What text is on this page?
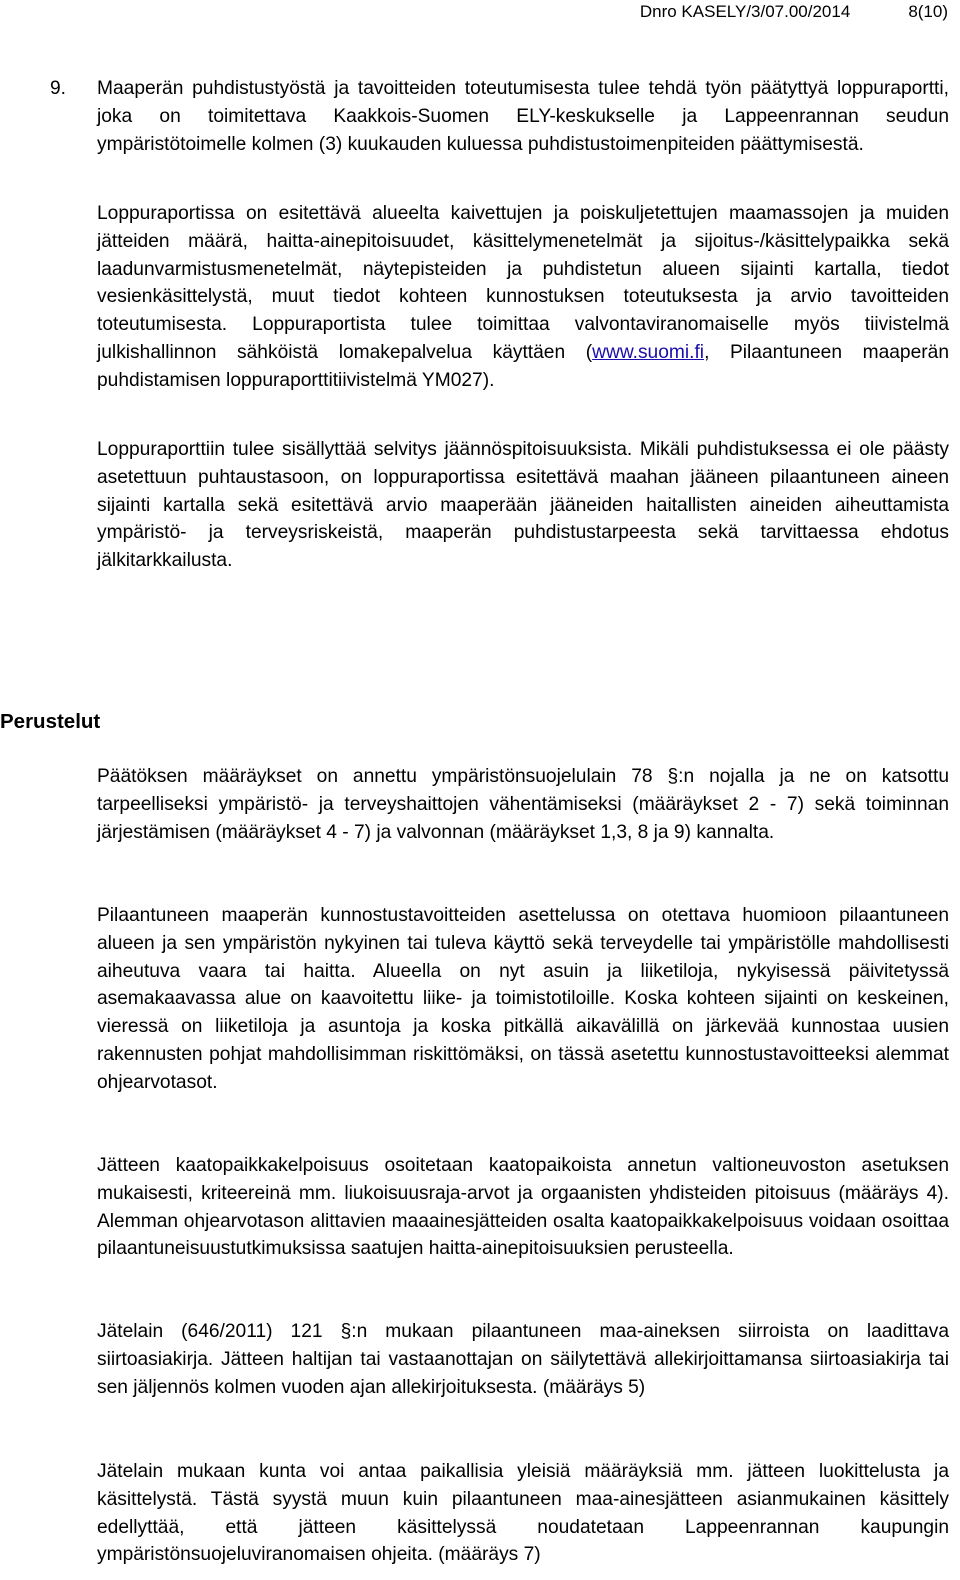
Dnro KASELY/3/07.00/2014	8(10)

9. Maaperän puhdistustyöstä ja tavoitteiden toteutumisesta tulee tehdä työn päätyttyä loppuraportti, joka on toimitettava Kaakkois-Suomen ELY-keskukselle ja Lappeenrannan seudun ympäristötoimelle kolmen (3) kuukauden kuluessa puhdistustoimenpiteiden päättymisestä.

Loppuraportissa on esitettävä alueelta kaivettujen ja poiskuljetettujen maamassojen ja muiden jätteiden määrä, haitta-ainepitoisuudet, käsittelymenetelmät ja sijoitus-/käsittelypaikka sekä laadunvarmistusmenetelmät, näytepisteiden ja puhdistetun alueen sijainti kartalla, tiedot vesienkäsittelystä, muut tiedot kohteen kunnostuksen toteutuksesta ja arvio tavoitteiden toteutumisesta. Loppuraportista tulee toimittaa valvontaviranomaiselle myös tiivistelmä julkishallinnon sähköistä lomakepalvelua käyttäen (www.suomi.fi, Pilaantuneen maaperän puhdistamisen loppuraporttitiivistelmä YM027).

Loppuraporttiin tulee sisällyttää selvitys jäännöspitoisuuksista. Mikäli puhdistuksessa ei ole päästy asetettuun puhtaustasoon, on loppuraportissa esitettävä maahan jääneen pilaantuneen aineen sijainti kartalla sekä esitettävä arvio maaperään jääneiden haitallisten aineiden aiheuttamista ympäristö- ja terveysriskeistä, maaperän puhdistustarpeesta sekä tarvittaessa ehdotus jälkitarkkailusta.

Perustelut

Päätöksen määräykset on annettu ympäristönsuojelulain 78 §:n nojalla ja ne on katsottu tarpeelliseksi ympäristö- ja terveyshaittojen vähentämiseksi (määräykset 2 - 7) sekä toiminnan järjestämisen (määräykset 4 - 7) ja valvonnan (määräykset 1,3, 8 ja 9) kannalta.

Pilaantuneen maaperän kunnostustavoitteiden asettelussa on otettava huomioon pilaantuneen alueen ja sen ympäristön nykyinen tai tuleva käyttö sekä terveydelle tai ympäristölle mahdollisesti aiheutuva vaara tai haitta. Alueella on nyt asuin ja liiketiloja, nykyisessä päivitetyssä asemakaavassa alue on kaavoitettu liike- ja toimistotiloille. Koska kohteen sijainti on keskeinen, vieressä on liiketiloja ja asuntoja ja koska pitkällä aikavälillä on järkevää kunnostaa uusien rakennusten pohjat mahdollisimman riskittömäksi, on tässä asetettu kunnostustavoitteeksi alemmat ohjearvotasot.

Jätteen kaatopaikkakelpoisuus osoitetaan kaatopaikoista annetun valtioneuvoston asetuksen mukaisesti, kriteereinä mm. liukoisuusraja-arvot ja orgaanisten yhdisteiden pitoisuus (määräys 4). Alemman ohjearvotason alittavien maaainesjätteiden osalta kaatopaikkakelpoisuus voidaan osoittaa pilaantuneisuustutkimuksissa saatujen haitta-ainepitoisuuksien perusteella.

Jätelain (646/2011) 121 §:n mukaan pilaantuneen maa-aineksen siirroista on laadittava siirtoasiakirja. Jätteen haltijan tai vastaanottajan on säilytettävä allekirjoittamansa siirtoasiakirja tai sen jäljennös kolmen vuoden ajan allekirjoituksesta. (määräys 5)

Jätelain mukaan kunta voi antaa paikallisia yleisiä määräyksiä mm. jätteen luokittelusta ja käsittelystä. Tästä syystä muun kuin pilaantuneen maa-ainesjätteen asianmukainen käsittely edellyttää, että jätteen käsittelyssä noudatetaan Lappeenrannan kaupungin ympäristönsuojeluviranomaisen ohjeita. (määräys 7)
